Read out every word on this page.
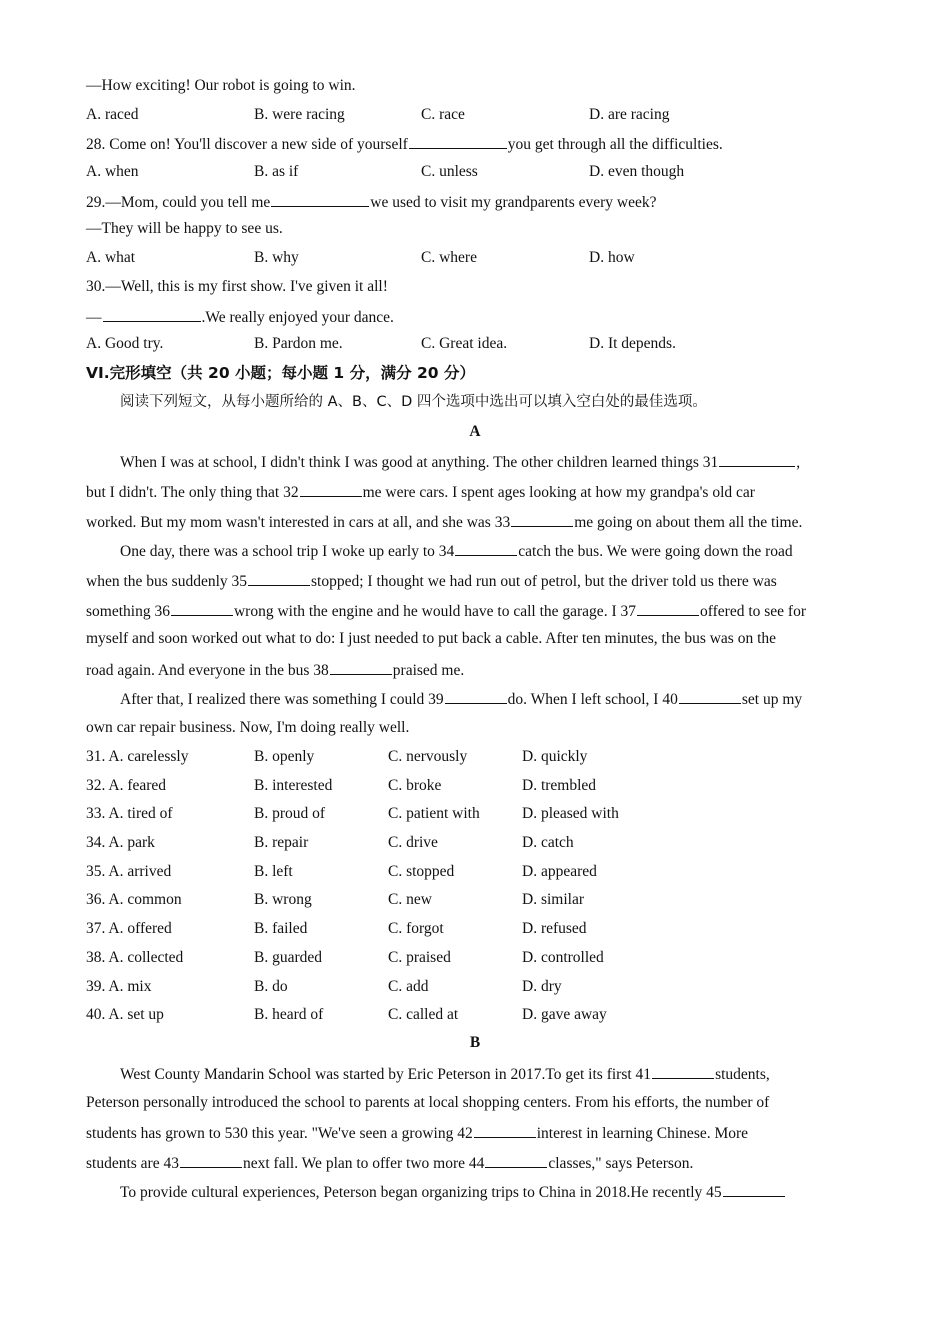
—How exciting! Our robot is going to win.
A. raced	B. were racing	C. race	D. are racing
28. Come on! You'll discover a new side of yourself	you get through all the difficulties.
A. when	B. as if	C. unless	D. even though
29.—Mom, could you tell me	we used to visit my grandparents every week?
—They will be happy to see us.
A. what	B. why	C. where	D. how
30.—Well, this is my first show. I've given it all!
—	.We really enjoyed your dance.
A. Good try.	B. Pardon me.	C. Great idea.	D. It depends.
VI.完形填空（共 20 小题；每小题 1 分，满分 20 分）
阅读下列短文，从每小题所给的 A、B、C、D 四个选项中选出可以填入空白处的最佳选项。
A
When I was at school, I didn't think I was good at anything. The other children learned things 31	,
but I didn't. The only thing that 32	me were cars. I spent ages looking at how my grandpa's old car
worked. But my mom wasn't interested in cars at all, and she was 33	me going on about them all the time.
One day, there was a school trip I woke up early to 34	catch the bus. We were going down the road
when the bus suddenly 35	stopped; I thought we had run out of petrol, but the driver told us there was
something 36	wrong with the engine and he would have to call the garage. I 37	offered to see for
myself and soon worked out what to do: I just needed to put back a cable. After ten minutes, the bus was on the
road again. And everyone in the bus 38	praised me.
After that, I realized there was something I could 39	do. When I left school, I 40	set up my
own car repair business. Now, I'm doing really well.
31. A. carelessly	B. openly	C. nervously	D. quickly
32. A. feared	B. interested	C. broke	D. trembled
33. A. tired of	B. proud of	C. patient with	D. pleased with
34. A. park	B. repair	C. drive	D. catch
35. A. arrived	B. left	C. stopped	D. appeared
36. A. common	B. wrong	C. new	D. similar
37. A. offered	B. failed	C. forgot	D. refused
38. A. collected	B. guarded	C. praised	D. controlled
39. A. mix	B. do	C. add	D. dry
40. A. set up	B. heard of	C. called at	D. gave away
B
West County Mandarin School was started by Eric Peterson in 2017.To get its first 41	students,
Peterson personally introduced the school to parents at local shopping centers. From his efforts, the number of
students has grown to 530 this year. "We've seen a growing 42	interest in learning Chinese. More
students are 43	next fall. We plan to offer two more 44	classes," says Peterson.
To provide cultural experiences, Peterson began organizing trips to China in 2018.He recently 45
